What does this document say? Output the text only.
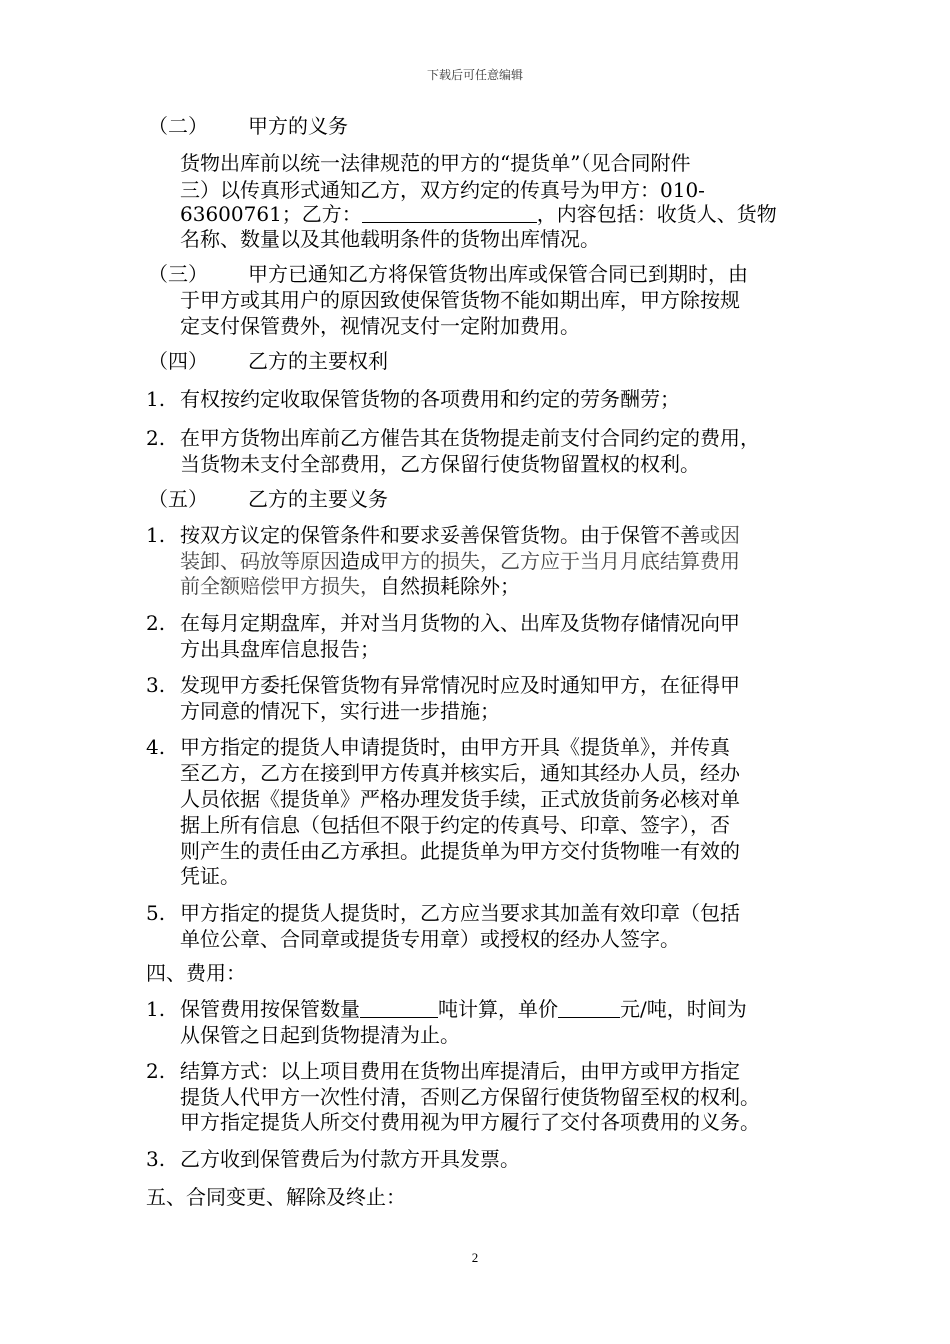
下载后可任意编辑
（二） 甲方的义务
货物出库前以统一法律规范的甲方的“提货单”（见合同附件
三）以传真形式通知乙方，双方约定的传真号为甲方：010-
63600761；乙方：	，内容包括：收货人、货物
名称、数量以及其他载明条件的货物出库情况。
（三） 甲方已通知乙方将保管货物出库或保管合同已到期时，由
于甲方或其用户的原因致使保管货物不能如期出库，甲方除按规
定支付保管费外，视情况支付一定附加费用。
（四） 乙方的主要权利
1. 有权按约定收取保管货物的各项费用和约定的劳务酬劳；
2. 在甲方货物出库前乙方催告其在货物提走前支付合同约定的费用，
当货物未支付全部费用，乙方保留行使货物留置权的权利。
（五） 乙方的主要义务
1. 按双方议定的保管条件和要求妥善保管货物。由于保管不善或因
装卸、码放等原因造成甲方的损失，乙方应于当月月底结算费用
前全额赔偿甲方损失，自然损耗除外；
2. 在每月定期盘库，并对当月货物的入、出库及货物存储情况向甲
方出具盘库信息报告；
3. 发现甲方委托保管货物有异常情况时应及时通知甲方，在征得甲
方同意的情况下，实行进一步措施；
4. 甲方指定的提货人申请提货时，由甲方开具《提货单》，并传真
至乙方，乙方在接到甲方传真并核实后，通知其经办人员，经办
人员依据《提货单》严格办理发货手续，正式放货前务必核对单
据上所有信息（包括但不限于约定的传真号、印章、签字），否
则产生的责任由乙方承担。此提货单为甲方交付货物唯一有效的
凭证。
5. 甲方指定的提货人提货时，乙方应当要求其加盖有效印章（包括
单位公章、合同章或提货专用章）或授权的经办人签字。
四、费用：
1. 保管费用按保管数量	吨计算，单价	元/吨，时间为
从保管之日起到货物提清为止。
2. 结算方式：以上项目费用在货物出库提清后，由甲方或甲方指定
提货人代甲方一次性付清，否则乙方保留行使货物留至权的权利。
甲方指定提货人所交付费用视为甲方履行了交付各项费用的义务。
3. 乙方收到保管费后为付款方开具发票。
五、合同变更、解除及终止：
2
